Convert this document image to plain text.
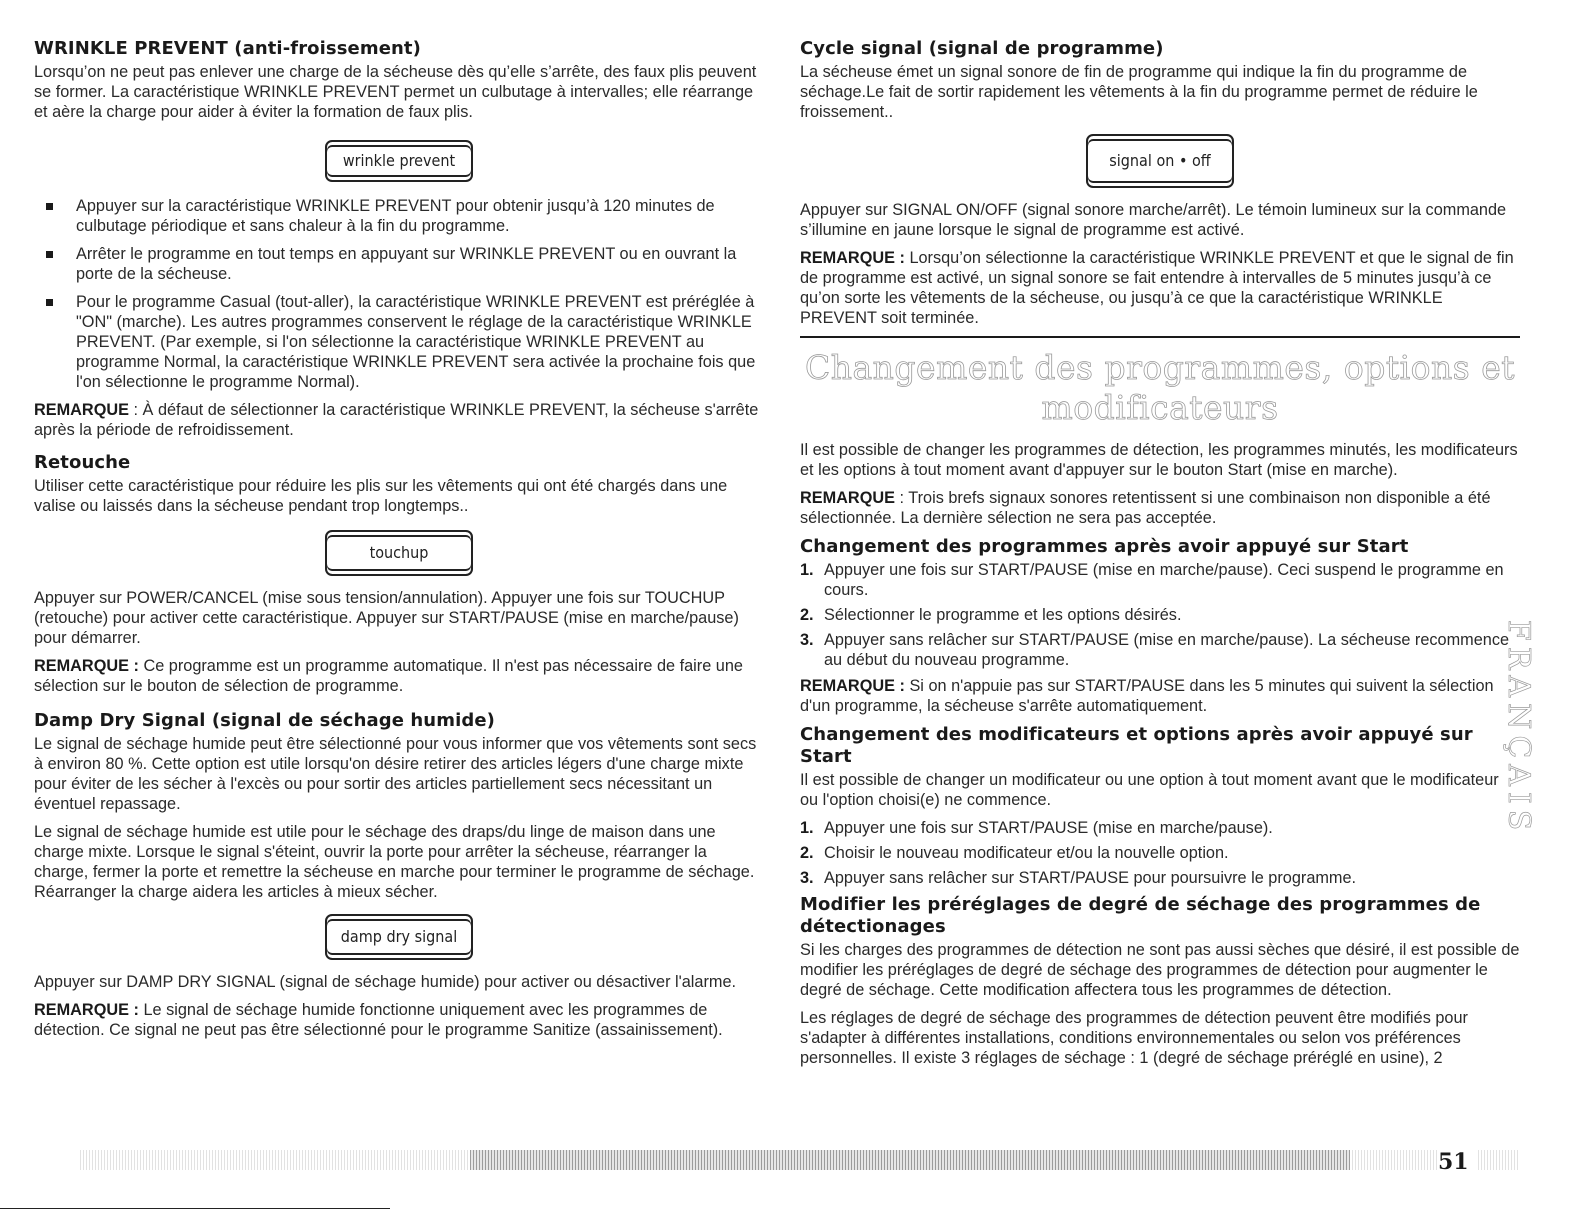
WRINKLE PREVENT (anti-froissement)

Lorsqu’on ne peut pas enlever une charge de la sécheuse dès qu’elle s’arrête, des faux plis peuvent se former. La caractéristique WRINKLE PREVENT permet un culbutage à intervalles; elle réarrange et aère la charge pour aider à éviter la formation de faux plis.

wrinkle prevent
Appuyer sur la caractéristique WRINKLE PREVENT pour obtenir jusqu’à 120 minutes de culbutage périodique et sans chaleur à la fin du programme.
Arrêter le programme en tout temps en appuyant sur WRINKLE PREVENT ou en ouvrant la porte de la sécheuse.
Pour le programme Casual (tout-aller), la caractéristique WRINKLE PREVENT est préréglée à "ON" (marche). Les autres programmes conservent le réglage de la caractéristique WRINKLE PREVENT. (Par exemple, si l'on sélectionne la caractéristique WRINKLE PREVENT au programme Normal, la caractéristique WRINKLE PREVENT sera activée la prochaine fois que l'on sélectionne le programme Normal).

REMARQUE : À défaut de sélectionner la caractéristique WRINKLE PREVENT, la sécheuse s'arrête après la période de refroidissement.

Retouche

Utiliser cette caractéristique pour réduire les plis sur les vêtements qui ont été chargés dans une valise ou laissés dans la sécheuse pendant trop longtemps..

touchup

Appuyer sur POWER/CANCEL (mise sous tension/annulation). Appuyer une fois sur TOUCHUP (retouche) pour activer cette caractéristique. Appuyer sur START/PAUSE (mise en marche/pause) pour démarrer.

REMARQUE : Ce programme est un programme automatique. Il n'est pas nécessaire de faire une sélection sur le bouton de sélection de programme.

Damp Dry Signal (signal de séchage humide)

Le signal de séchage humide peut être sélectionné pour vous informer que vos vêtements sont secs à environ 80 %. Cette option est utile lorsqu'on désire retirer des articles légers d'une charge mixte pour éviter de les sécher à l'excès ou pour sortir des articles partiellement secs nécessitant un éventuel repassage.

Le signal de séchage humide est utile pour le séchage des draps/du linge de maison dans une charge mixte. Lorsque le signal s'éteint, ouvrir la porte pour arrêter la sécheuse, réarranger la charge, fermer la porte et remettre la sécheuse en marche pour terminer le programme de séchage. Réarranger la charge aidera les articles à mieux sécher.

damp dry signal

Appuyer sur DAMP DRY SIGNAL (signal de séchage humide) pour activer ou désactiver l'alarme.

REMARQUE : Le signal de séchage humide fonctionne uniquement avec les programmes de détection. Ce signal ne peut pas être sélectionné pour le programme Sanitize (assainissement).

Cycle signal (signal de programme)

La sécheuse émet un signal sonore de fin de programme qui indique la fin du programme de séchage.Le fait de sortir rapidement les vêtements à la fin du programme permet de réduire le froissement..

signal on • off

Appuyer sur SIGNAL ON/OFF (signal sonore marche/arrêt). Le témoin lumineux sur la commande s’illumine en jaune lorsque le signal de programme est activé.

REMARQUE : Lorsqu’on sélectionne la caractéristique WRINKLE PREVENT et que le signal de fin de programme est activé, un signal sonore se fait entendre à intervalles de 5 minutes jusqu’à ce qu’on sorte les vêtements de la sécheuse, ou jusqu’à ce que la caractéristique WRINKLE PREVENT soit terminée.

Changement des programmes, options et modificateurs

Il est possible de changer les programmes de détection, les programmes minutés, les modificateurs et les options à tout moment avant d'appuyer sur le bouton Start (mise en marche).

REMARQUE : Trois brefs signaux sonores retentissent si une combinaison non disponible a été sélectionnée. La dernière sélection ne sera pas acceptée.

Changement des programmes après avoir appuyé sur Start
1. Appuyer une fois sur START/PAUSE (mise en marche/pause). Ceci suspend le programme en cours.
2. Sélectionner le programme et les options désirés.
3. Appuyer sans relâcher sur START/PAUSE (mise en marche/pause). La sécheuse recommence au début du nouveau programme.

REMARQUE : Si on n'appuie pas sur START/PAUSE dans les 5 minutes qui suivent la sélection d'un programme, la sécheuse s'arrête automatiquement.

Changement des modificateurs et options après avoir appuyé sur Start

Il est possible de changer un modificateur ou une option à tout moment avant que le modificateur ou l'option choisi(e) ne commence.

1. Appuyer une fois sur START/PAUSE (mise en marche/pause).
2. Choisir le nouveau modificateur et/ou la nouvelle option.
3. Appuyer sans relâcher sur START/PAUSE pour poursuivre le programme.
Modifier les préréglages de degré de séchage des programmes de détectionages

Si les charges des programmes de détection ne sont pas aussi sèches que désiré, il est possible de modifier les préréglages de degré de séchage des programmes de détection pour augmenter le degré de séchage. Cette modification affectera tous les programmes de détection.

Les réglages de degré de séchage des programmes de détection peuvent être modifiés pour s'adapter à différentes installations, conditions environnementales ou selon vos préférences personnelles. Il existe 3 réglages de séchage : 1 (degré de séchage préréglé en usine), 2

FRANÇAIS
51
